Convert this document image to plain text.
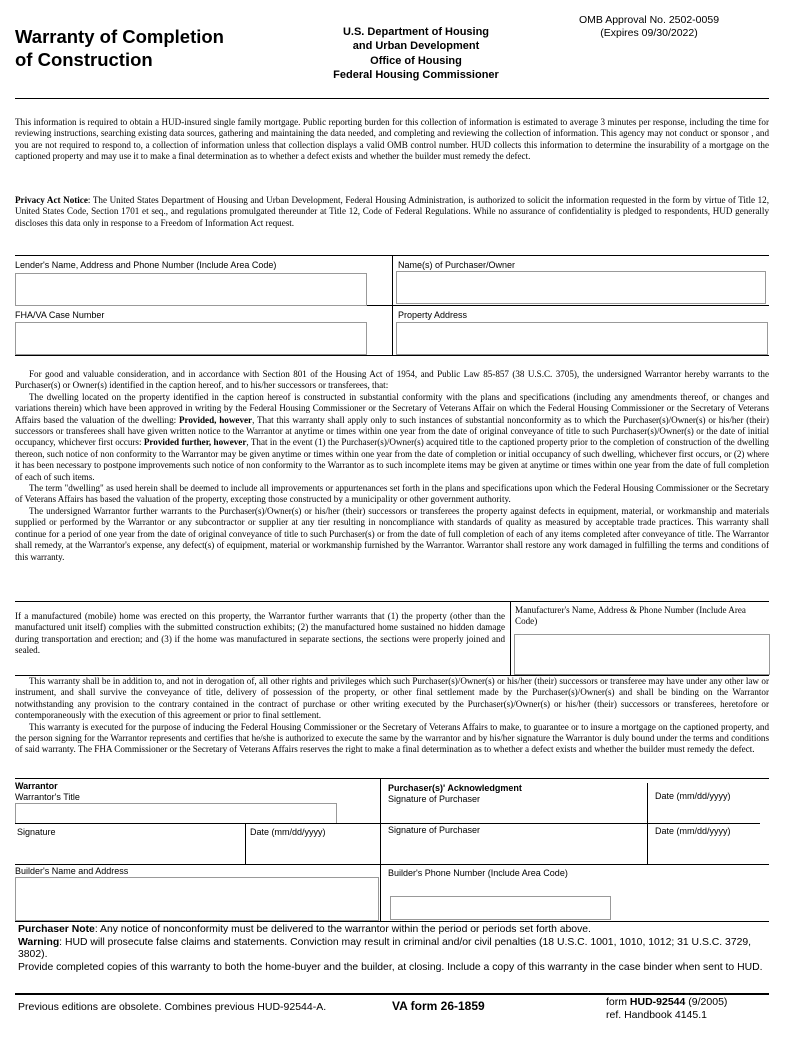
Warranty of Completion
of Construction
U.S. Department of Housing
and Urban Development
Office of Housing
Federal Housing Commissioner
OMB Approval No. 2502-0059
(Expires 09/30/2022)
This information is required to obtain a HUD-insured single family mortgage. Public reporting burden for this collection of information is estimated to average 3 minutes per response, including the time for reviewing instructions, searching existing data sources, gathering and maintaining the data needed, and completing and reviewing the collection of information. This agency may not conduct or sponsor , and you are not required to respond to, a collection of information unless that collection displays a valid OMB control number. HUD collects this information to determine the insurability of a mortgage on the captioned property and may use it to make a final determination as to whether a defect exists and whether the builder must remedy the defect.
Privacy Act Notice: The United States Department of Housing and Urban Development, Federal Housing Administration, is authorized to solicit the information requested in the form by virtue of Title 12, United States Code, Section 1701 et seq., and regulations promulgated thereunder at Title 12, Code of Federal Regulations. While no assurance of confidentiality is pledged to respondents, HUD generally discloses this data only in response to a Freedom of Information Act request.
Lender's Name, Address and Phone Number (Include Area Code)	Name(s) of Purchaser/Owner
FHA/VA Case Number	Property Address
For good and valuable consideration, and in accordance with Section 801 of the Housing Act of 1954, and Public Law 85-857 (38 U.S.C. 3705), the undersigned Warrantor hereby warrants to the Purchaser(s) or Owner(s) identified in the caption hereof, and to his/her successors or transferees, that:
The dwelling located on the property identified in the caption hereof is constructed in substantial conformity with the plans and specifications (including any amendments thereof, or changes and variations therein) which have been approved in writing by the Federal Housing Commissioner or the Secretary of Veterans Affair on which the Federal Housing Commissioner or the Secretary of Veterans Affairs based the valuation of the dwelling: Provided, however, That this warranty shall apply only to such instances of substantial nonconformity as to which the Purchaser(s)/Owner(s) or his/her (their) successors or transferees shall have given written notice to the Warrantor at anytime or times within one year from the date of original conveyance of title to such Purchaser(s)/Owner(s) or the date of initial occupancy, whichever first occurs: Provided further, however, That in the event (1) the Purchaser(s)/Owner(s) acquired title to the captioned property prior to the completion of construction of the dwelling thereon, such notice of non conformity to the Warrantor may be given anytime or times within one year from the date of completion or initial occupancy of such dwelling, whichever first occurs, or (2) where it has been necessary to postpone improvements such notice of non conformity to the Warrantor as to such incomplete items may be given at anytime or times within one year from the date of full completion of each of such items.
The term "dwelling" as used herein shall be deemed to include all improvements or appurtenances set forth in the plans and specifications upon which the Federal Housing Commissioner or the Secretary of Veterans Affairs has based the valuation of the property, excepting those constructed by a municipality or other government authority.
The undersigned Warrantor further warrants to the Purchaser(s)/Owner(s) or his/her (their) successors or transferees the property against defects in equipment, material, or workmanship and materials supplied or performed by the Warrantor or any subcontractor or supplier at any tier resulting in noncompliance with standards of quality as measured by acceptable trade practices. This warranty shall continue for a period of one year from the date of original conveyance of title to such Purchaser(s) or from the date of full completion of each of any items completed after conveyance of title. The Warrantor shall remedy, at the Warrantor's expense, any defect(s) of equipment, material or workmanship furnished by the Warrantor. Warrantor shall restore any work damaged in fulfilling the terms and conditions of this warranty.
If a manufactured (mobile) home was erected on this property, the Warrantor further warrants that (1) the property (other than the manufactured unit itself) complies with the submitted construction exhibits; (2) the manufactured home sustained no hidden damage during transportation and erection; and (3) if the home was manufactured in separate sections, the sections were properly joined and sealed.
Manufacturer's Name, Address & Phone Number (Include Area Code)
This warranty shall be in addition to, and not in derogation of, all other rights and privileges which such Purchaser(s)/Owner(s) or his/her (their) successors or transferee may have under any other law or instrument, and shall survive the conveyance of title, delivery of possession of the property, or other final settlement made by the Purchaser(s)/Owner(s) and shall be binding on the Warrantor notwithstanding any provision to the contrary contained in the contract of purchase or other writing executed by the Purchaser(s)/Owner(s) or his/her (their) successors or transferees, heretofore or contemporaneously with the execution of this agreement or prior to final settlement.
This warranty is executed for the purpose of inducing the Federal Housing Commissioner or the Secretary of Veterans Affairs to make, to guarantee or to insure a mortgage on the captioned property, and the person signing for the Warrantor represents and certifies that he/she is authorized to execute the same by the warrantor and by his/her signature the Warrantor is duly bound under the terms and conditions of said warranty. The FHA Commissioner or the Secretary of Veterans Affairs reserves the right to make a final determination as to whether a defect exists and whether the builder must remedy the defect.
Warrantor
Warrantor's Title
Signature	Date (mm/dd/yyyy)
Builder's Name and Address
Purchaser(s)' Acknowledgment
Signature of Purchaser	Date (mm/dd/yyyy)
Signature of Purchaser	Date (mm/dd/yyyy)
Builder's Phone Number (Include Area Code)
Purchaser Note: Any notice of nonconformity must be delivered to the warrantor within the period or periods set forth above.
Warning: HUD will prosecute false claims and statements. Conviction may result in criminal and/or civil penalties (18 U.S.C. 1001, 1010, 1012; 31 U.S.C. 3729, 3802).
Provide completed copies of this warranty to both the home-buyer and the builder, at closing. Include a copy of this warranty in the case binder when sent to HUD.
Previous editions are obsolete. Combines previous HUD-92544-A.	VA form 26-1859	form HUD-92544 (9/2005)
ref. Handbook 4145.1
